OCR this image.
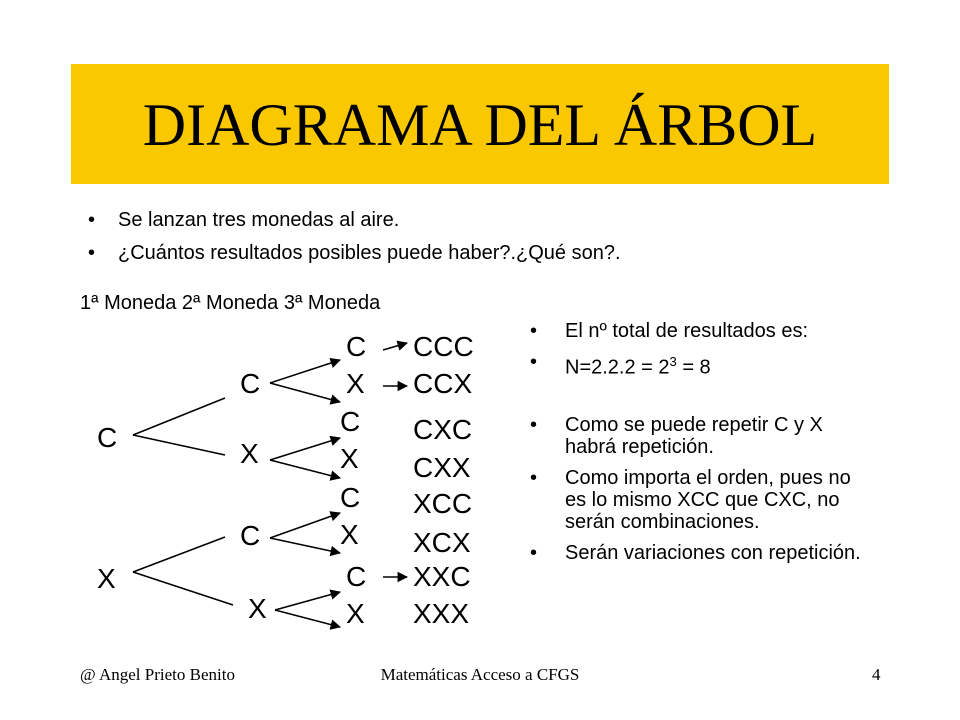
DIAGRAMA DEL ÁRBOL
• Se lanzan tres monedas al aire.
• ¿Cuántos resultados posibles puede haber?.¿Qué son?.
1ª Moneda 2ª Moneda 3ª Moneda
C
X
C
X
C
X
C
X
C
X
C
X
C
X
CCC
CCX
CXC
CXX
XCC
XCX
XXC
XXX
• El nº total de resultados es:
• $N=2.2.2 = 2^3 = 8$
• Como se puede repetir C y X habrá repetición.
• Como importa el orden, pues no es lo mismo XCC que CXC, no serán combinaciones.
• Serán variaciones con repetición.
@ Angel Prieto Benito	Matemáticas Acceso a CFGS	4
